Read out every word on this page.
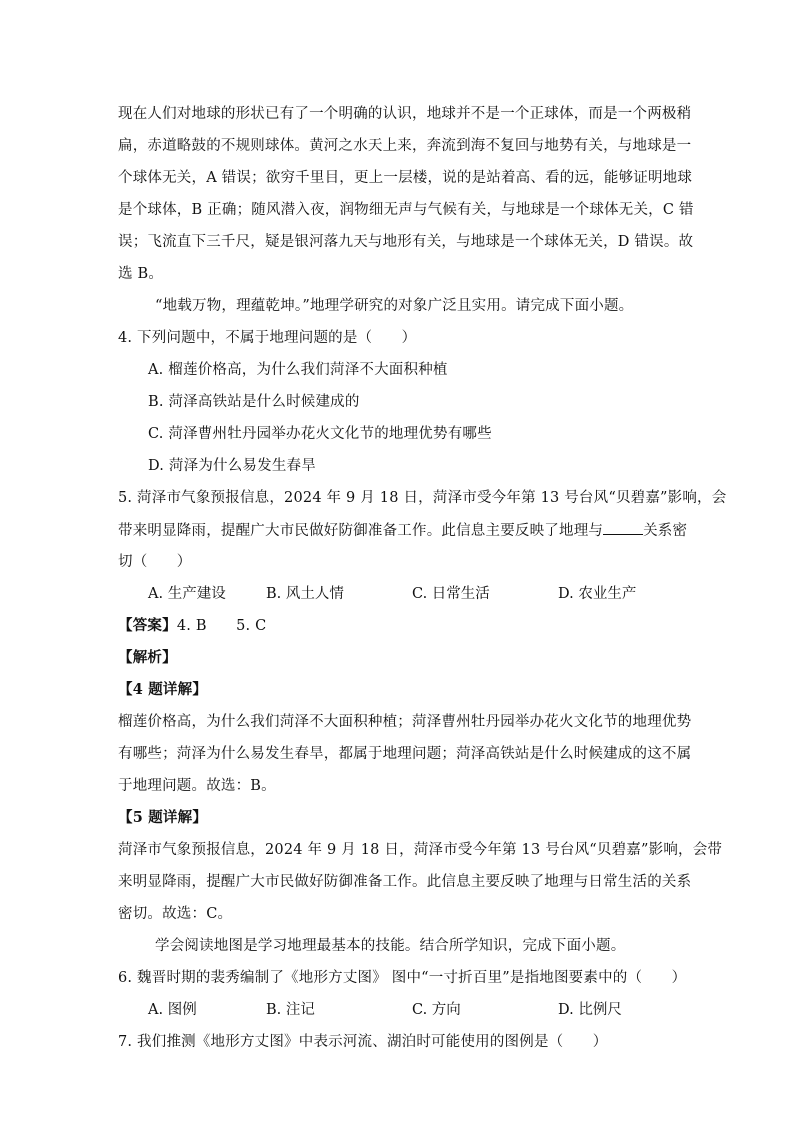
现在人们对地球的形状已有了一个明确的认识，地球并不是一个正球体，而是一个两极稍
扁，赤道略鼓的不规则球体。黄河之水天上来，奔流到海不复回与地势有关，与地球是一
个球体无关，A 错误；欲穷千里目，更上一层楼，说的是站着高、看的远，能够证明地球
是个球体，B 正确；随风潜入夜，润物细无声与气候有关，与地球是一个球体无关，C 错
误；飞流直下三千尺，疑是银河落九天与地形有关，与地球是一个球体无关，D 错误。故
选 B。
“地载万物，理蕴乾坤。”地理学研究的对象广泛且实用。请完成下面小题。
4. 下列问题中，不属于地理问题的是（　　）
A. 榴莲价格高，为什么我们菏泽不大面积种植
B. 菏泽高铁站是什么时候建成的
C. 菏泽曹州牡丹园举办花火文化节的地理优势有哪些
D. 菏泽为什么易发生春旱
5. 菏泽市气象预报信息，2024 年 9 月 18 日，菏泽市受今年第 13 号台风“贝碧嘉”影响，会
带来明显降雨，提醒广大市民做好防御准备工作。此信息主要反映了地理与	关系密
切（　　）
A. 生产建设	B. 风土人情	C. 日常生活	D. 农业生产
【答案】4. B　　5. C
【解析】
【4 题详解】
榴莲价格高，为什么我们菏泽不大面积种植；菏泽曹州牡丹园举办花火文化节的地理优势
有哪些；菏泽为什么易发生春旱，都属于地理问题；菏泽高铁站是什么时候建成的这不属
于地理问题。故选：B。
【5 题详解】
菏泽市气象预报信息，2024 年 9 月 18 日，菏泽市受今年第 13 号台风“贝碧嘉”影响，会带
来明显降雨，提醒广大市民做好防御准备工作。此信息主要反映了地理与日常生活的关系
密切。故选：C。
学会阅读地图是学习地理最基本的技能。结合所学知识，完成下面小题。
6. 魏晋时期的裴秀编制了《地形方丈图》 图中“一寸折百里”是指地图要素中的（　　）
A. 图例	B. 注记	C. 方向	D. 比例尺
7. 我们推测《地形方丈图》中表示河流、湖泊时可能使用的图例是（　　）
